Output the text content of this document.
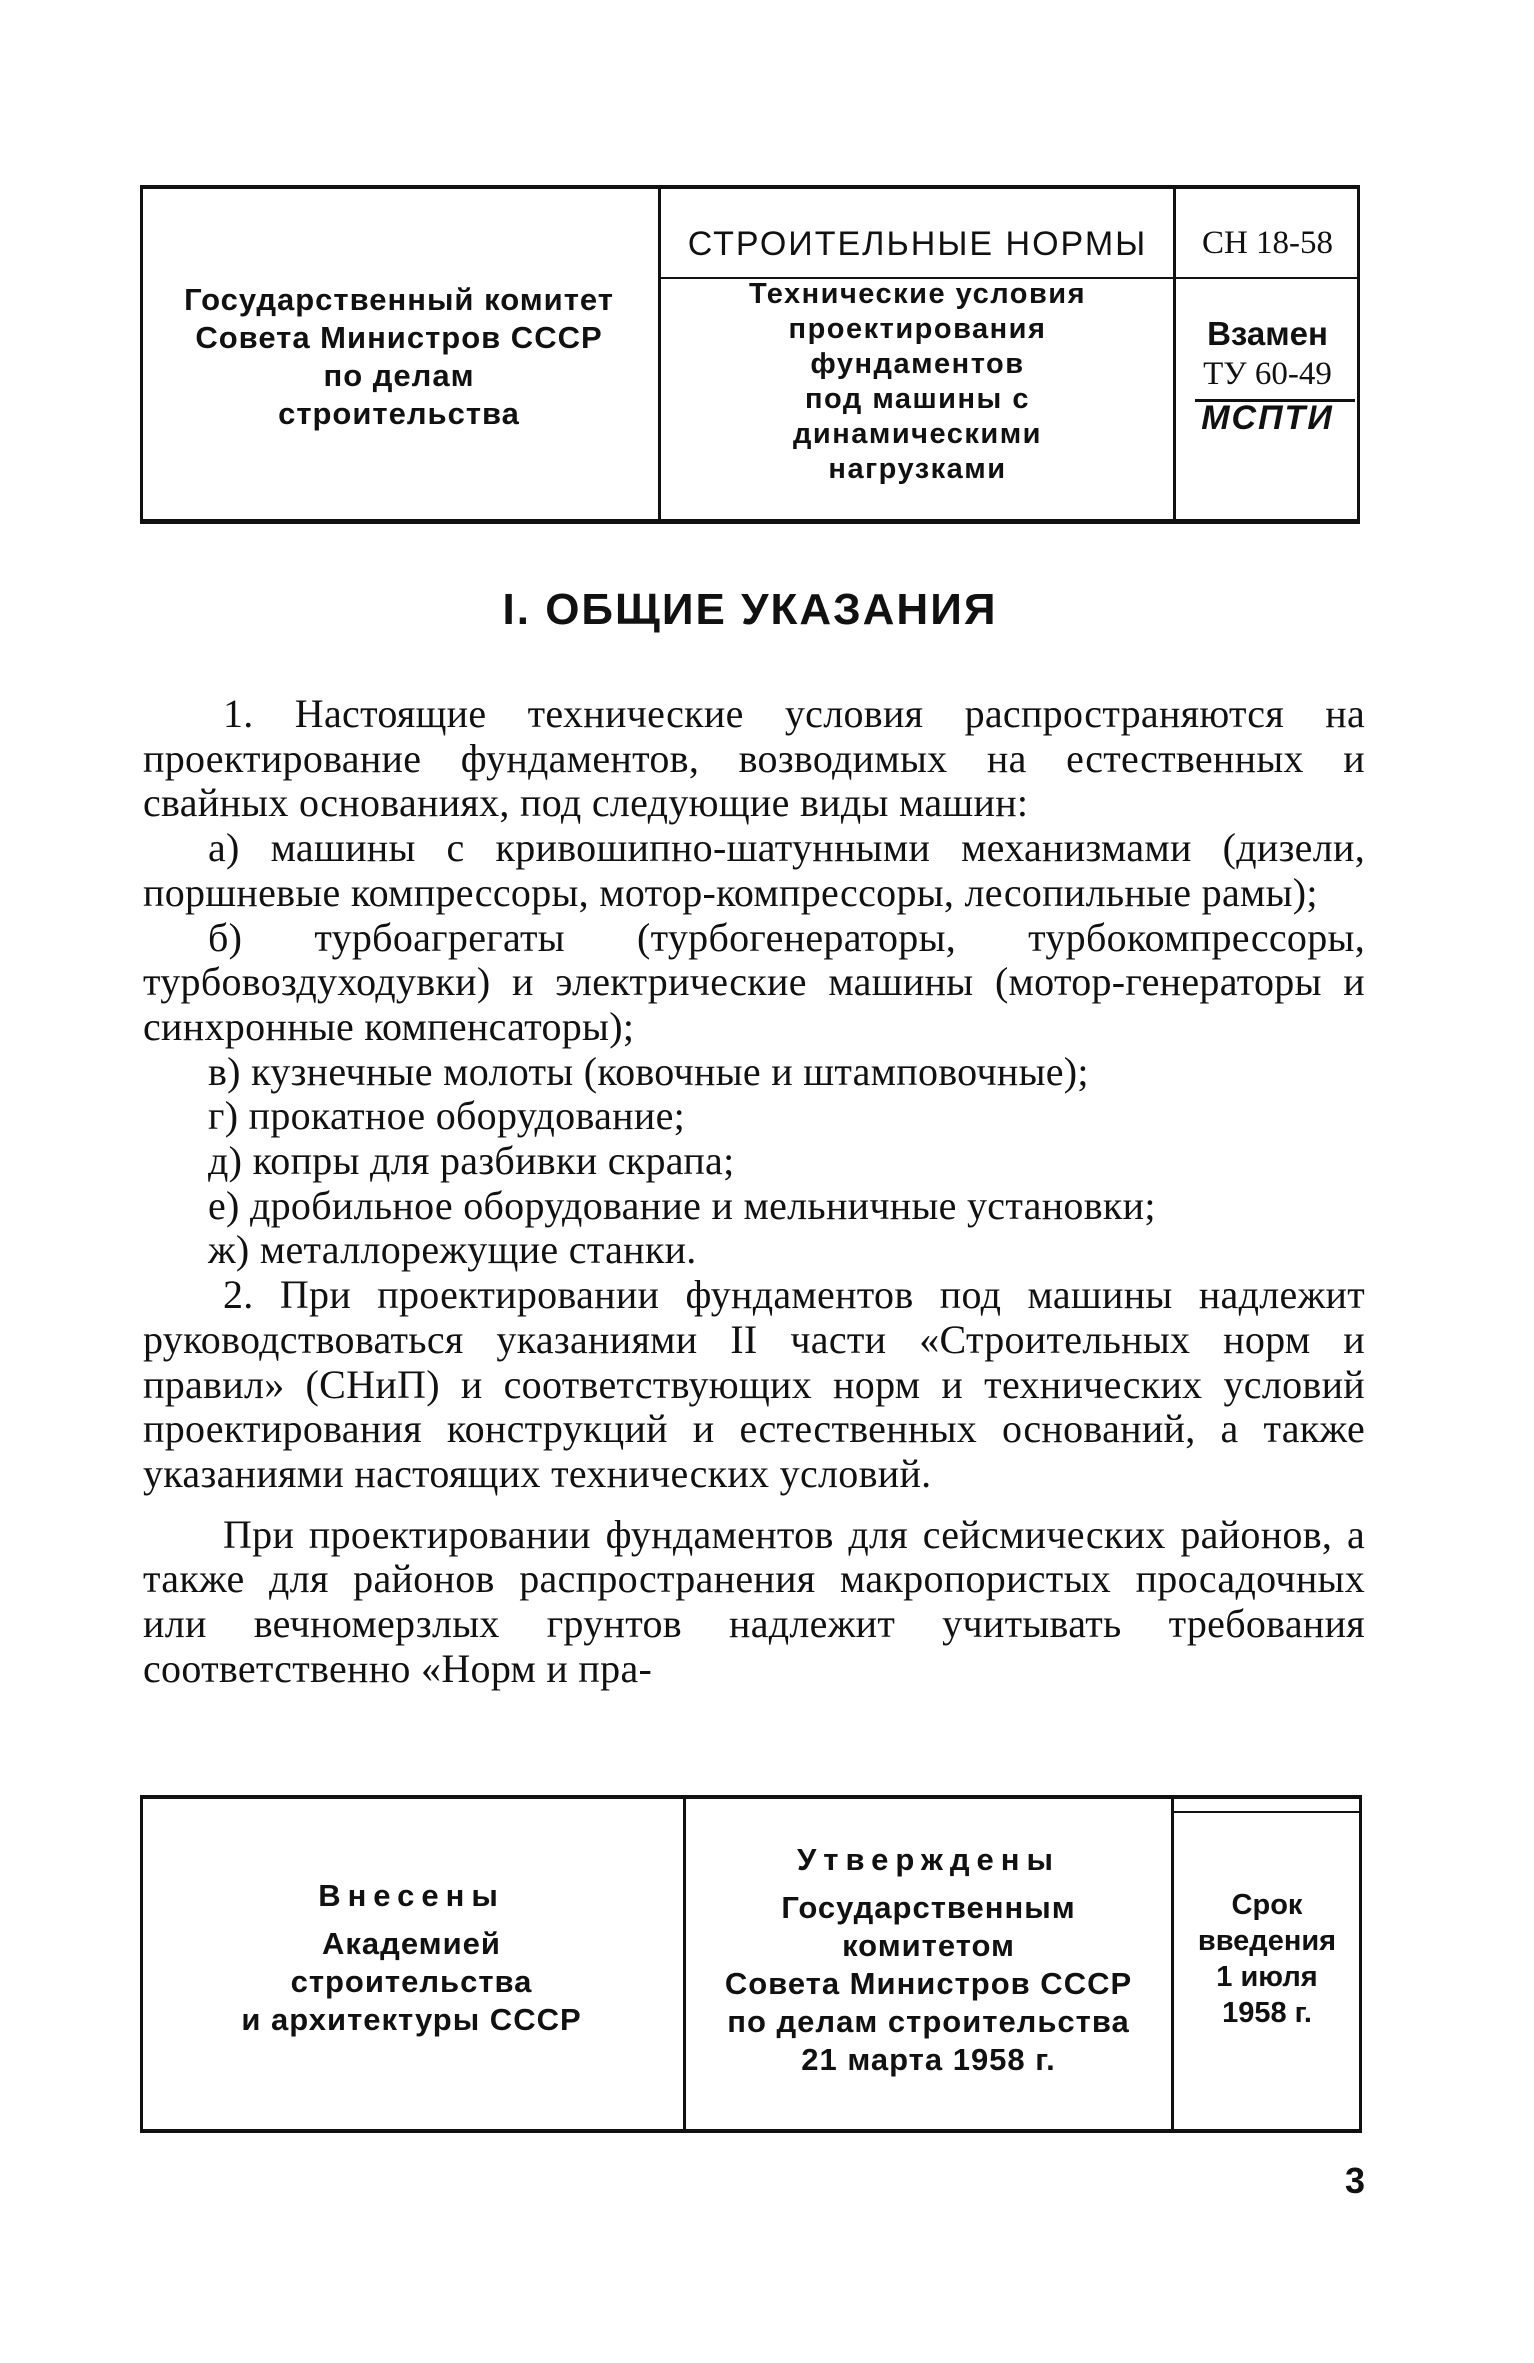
Государственный комитет
Совета Министров СССР
по делам
строительства
СТРОИТЕЛЬНЫЕ НОРМЫ
Технические условия
проектирования
фундаментов
под машины с
динамическими
нагрузками
СН 18-58
Взамен
ТУ 60-49
МСПТИ
I. ОБЩИЕ УКАЗАНИЯ

1. Настоящие технические условия распространяются на проектирование фундаментов, возводимых на естественных и свайных основаниях, под следующие виды машин:

а) машины с кривошипно-шатунными механизмами (дизели, поршневые компрессоры, мотор-компрессоры, лесопильные рамы);

б) турбоагрегаты (турбогенераторы, турбокомпрессоры, турбовоздуходувки) и электрические машины (мотор-генераторы и синхронные компенсаторы);

в) кузнечные молоты (ковочные и штамповочные);

г) прокатное оборудование;

д) копры для разбивки скрапа;

е) дробильное оборудование и мельничные установки;

ж) металлорежущие станки.

2. При проектировании фундаментов под машины надлежит руководствоваться указаниями II части «Строительных норм и правил» (СНиП) и соответствующих норм и технических условий проектирования конструкций и естественных оснований, а также указаниями настоящих технических условий.

При проектировании фундаментов для сейсмических районов, а также для районов распространения макропористых просадочных или вечномерзлых грунтов надлежит учитывать требования соответственно «Норм и пра-

Внесены
Академией
строительства
и архитектуры СССР
Утверждены
Государственным
комитетом
Совета Министров СССР
по делам строительства
21 марта 1958 г.
Срок
введения
1 июля
1958 г.
3
